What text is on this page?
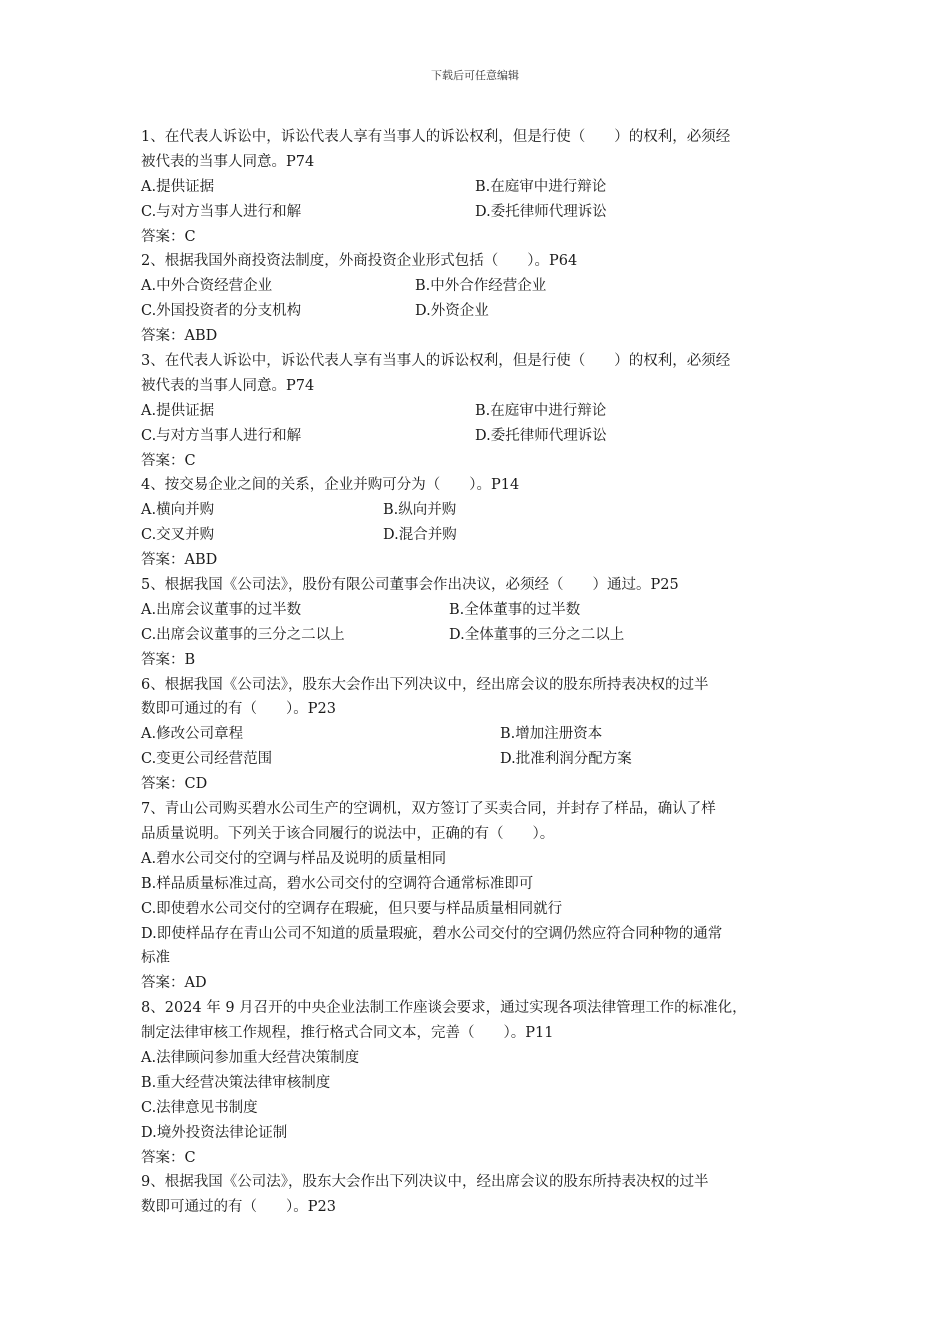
下载后可任意编辑
1、在代表人诉讼中，诉讼代表人享有当事人的诉讼权利，但是行使（　　）的权利，必须经
被代表的当事人同意。P74
A.提供证据	B.在庭审中进行辩论
C.与对方当事人进行和解	D.委托律师代理诉讼
答案：C
2、根据我国外商投资法制度，外商投资企业形式包括（　　）。P64
A.中外合资经营企业	B.中外合作经营企业
C.外国投资者的分支机构	D.外资企业
答案：ABD
3、在代表人诉讼中，诉讼代表人享有当事人的诉讼权利，但是行使（　　）的权利，必须经
被代表的当事人同意。P74
A.提供证据	B.在庭审中进行辩论
C.与对方当事人进行和解	D.委托律师代理诉讼
答案：C
4、按交易企业之间的关系，企业并购可分为（　　）。P14
A.横向并购	B.纵向并购
C.交叉并购	D.混合并购
答案：ABD
5、根据我国《公司法》，股份有限公司董事会作出决议，必须经（　　）通过。P25
A.出席会议董事的过半数	B.全体董事的过半数
C.出席会议董事的三分之二以上	D.全体董事的三分之二以上
答案：B
6、根据我国《公司法》，股东大会作出下列决议中，经出席会议的股东所持表决权的过半
数即可通过的有（　　）。P23
A.修改公司章程	B.增加注册资本
C.变更公司经营范围	D.批准利润分配方案
答案：CD
7、青山公司购买碧水公司生产的空调机，双方签订了买卖合同，并封存了样品，确认了样
品质量说明。下列关于该合同履行的说法中，正确的有（　　）。
A.碧水公司交付的空调与样品及说明的质量相同
B.样品质量标准过高，碧水公司交付的空调符合通常标准即可
C.即使碧水公司交付的空调存在瑕疵，但只要与样品质量相同就行
D.即使样品存在青山公司不知道的质量瑕疵，碧水公司交付的空调仍然应符合同种物的通常
标准
答案：AD
8、2024 年 9 月召开的中央企业法制工作座谈会要求，通过实现各项法律管理工作的标准化，
制定法律审核工作规程，推行格式合同文本，完善（　　）。P11
A.法律顾问参加重大经营决策制度
B.重大经营决策法律审核制度
C.法律意见书制度
D.境外投资法律论证制
答案：C
9、根据我国《公司法》，股东大会作出下列决议中，经出席会议的股东所持表决权的过半
数即可通过的有（　　）。P23
